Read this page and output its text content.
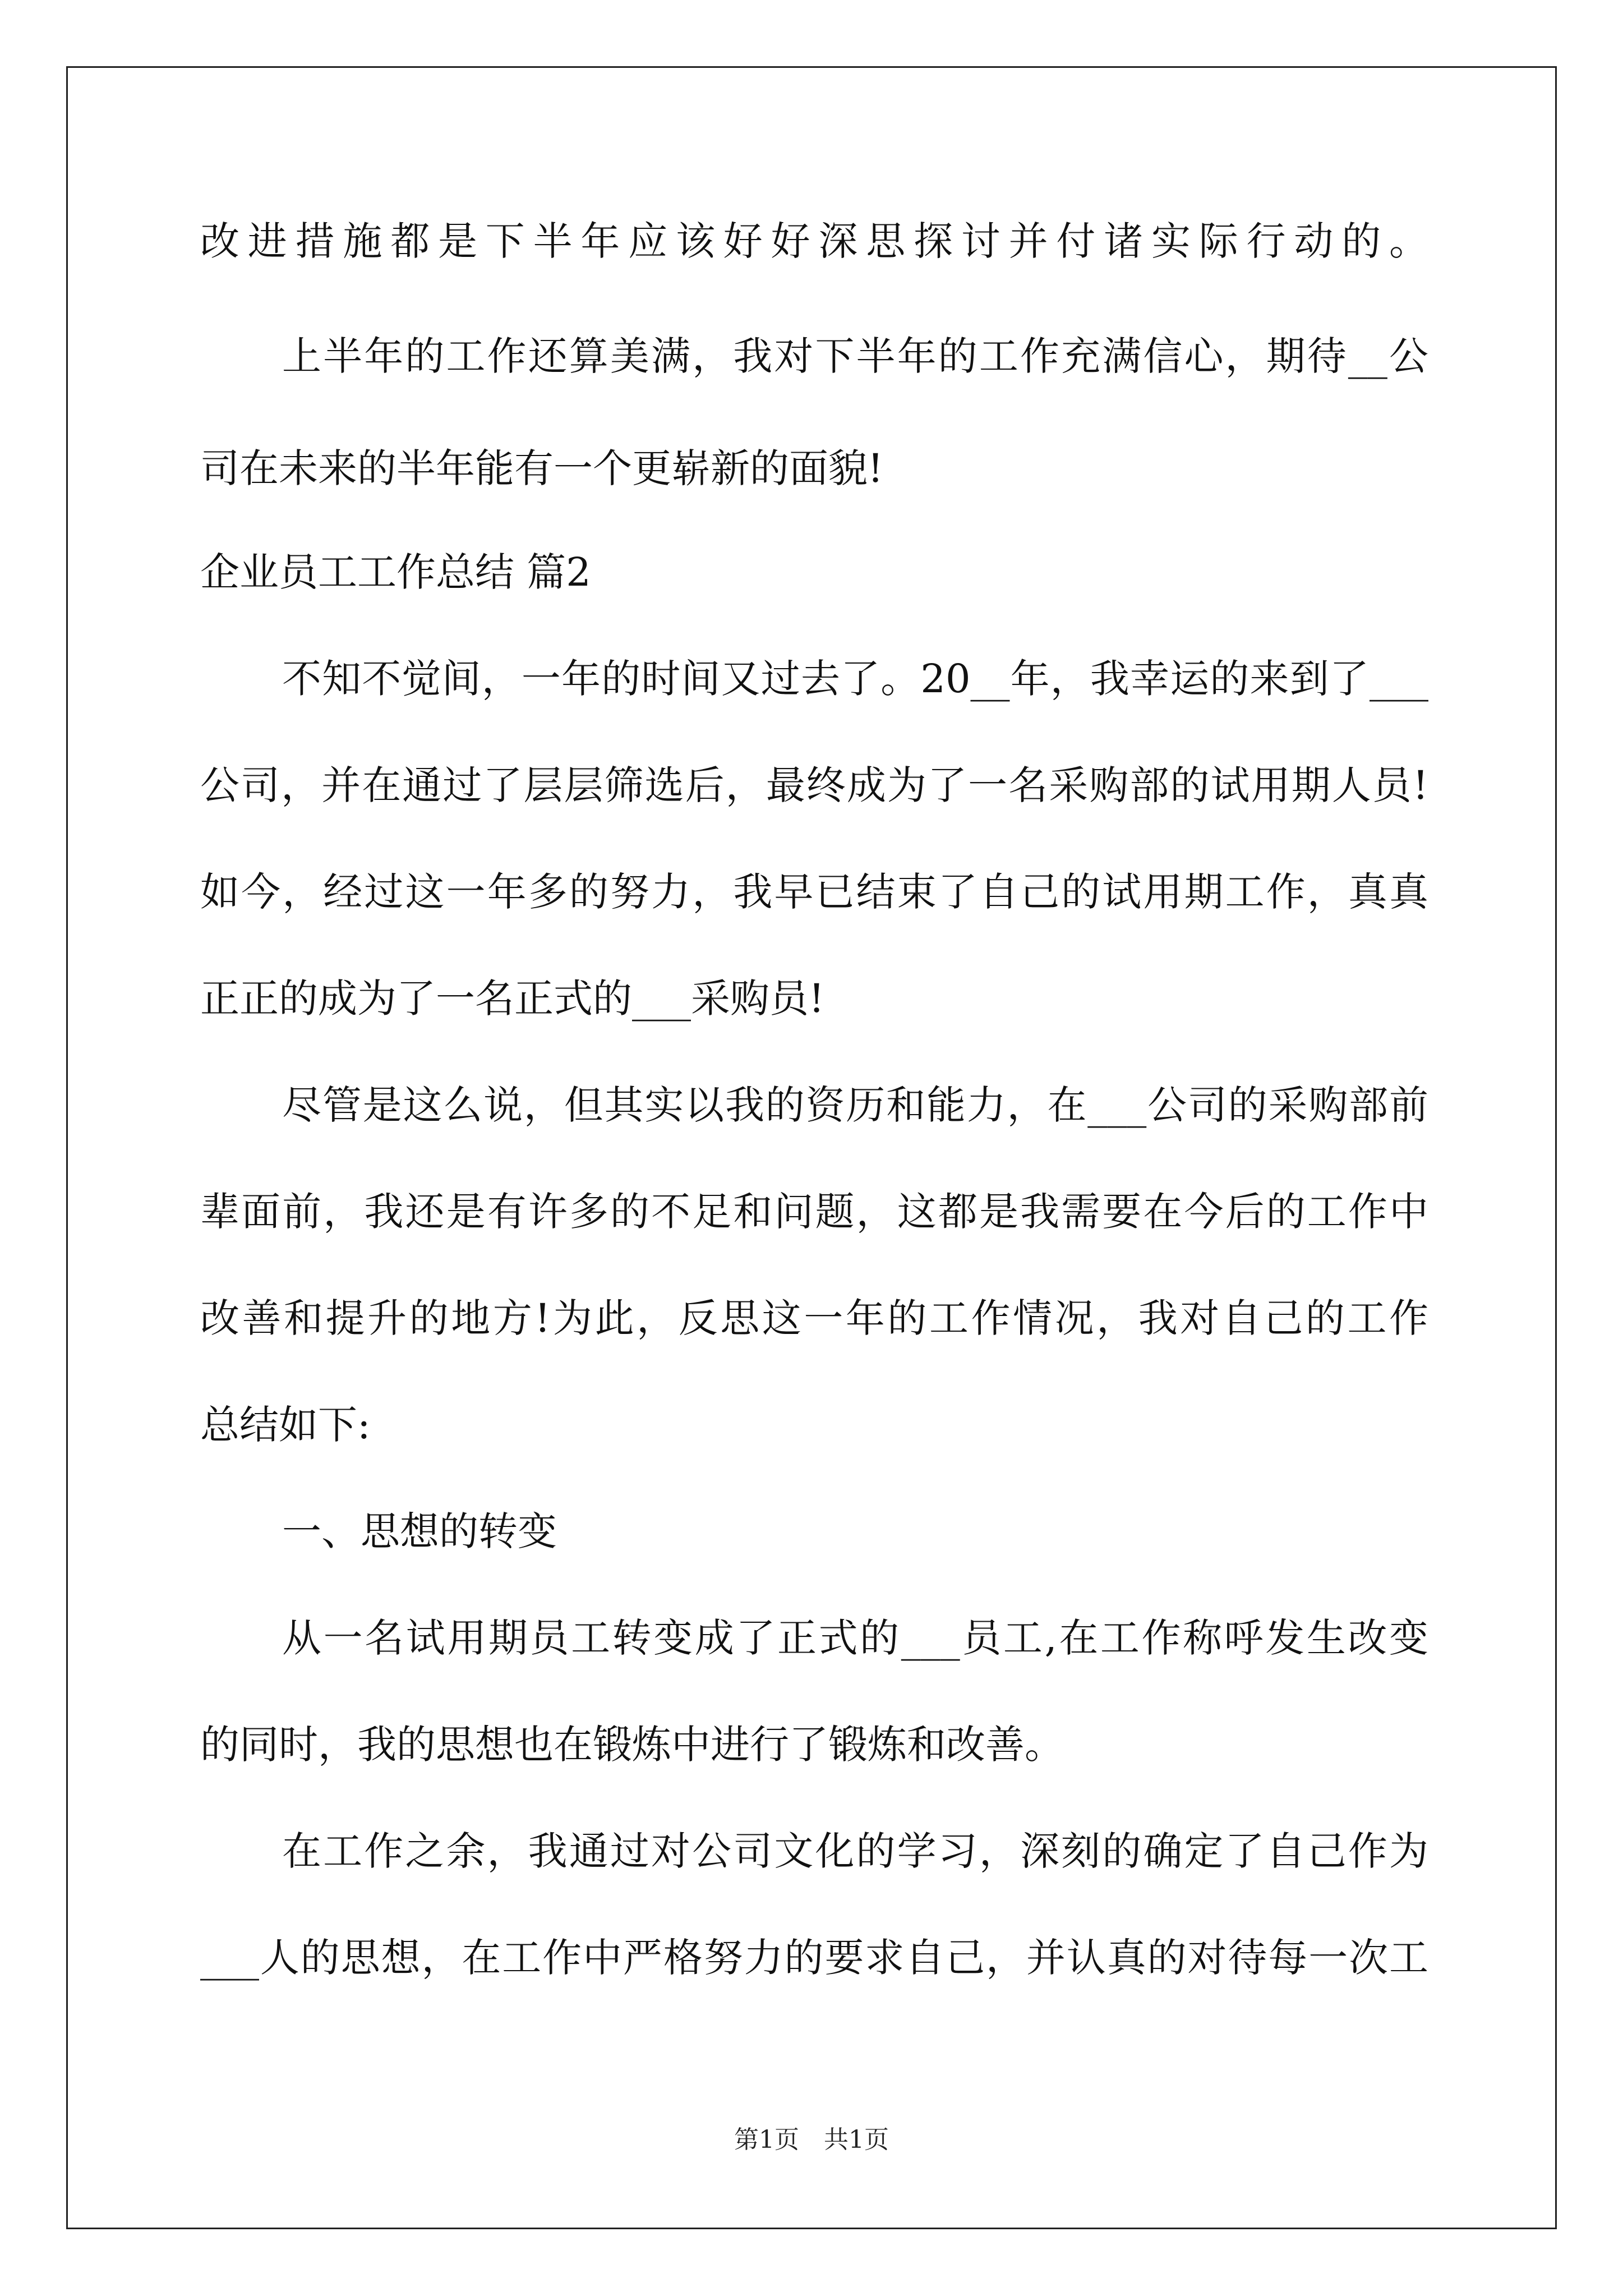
改进措施都是下半年应该好好深思探讨并付诸实际行动的。
上半年的工作还算美满，我对下半年的工作充满信心，期待__公
司在未来的半年能有一个更崭新的面貌!
企业员工工作总结 篇2
不知不觉间，一年的时间又过去了。20__年，我幸运的来到了___
公司，并在通过了层层筛选后，最终成为了一名采购部的试用期人员!
如今，经过这一年多的努力，我早已结束了自己的试用期工作，真真
正正的成为了一名正式的___采购员!
尽管是这么说，但其实以我的资历和能力，在___公司的采购部前
辈面前，我还是有许多的不足和问题，这都是我需要在今后的工作中
改善和提升的地方!为此，反思这一年的工作情况，我对自己的工作
总结如下:
一、思想的转变
从一名试用期员工转变成了正式的___员工,在工作称呼发生改变
的同时，我的思想也在锻炼中进行了锻炼和改善。
在工作之余，我通过对公司文化的学习，深刻的确定了自己作为
___人的思想，在工作中严格努力的要求自己，并认真的对待每一次工
第1页　共1页
